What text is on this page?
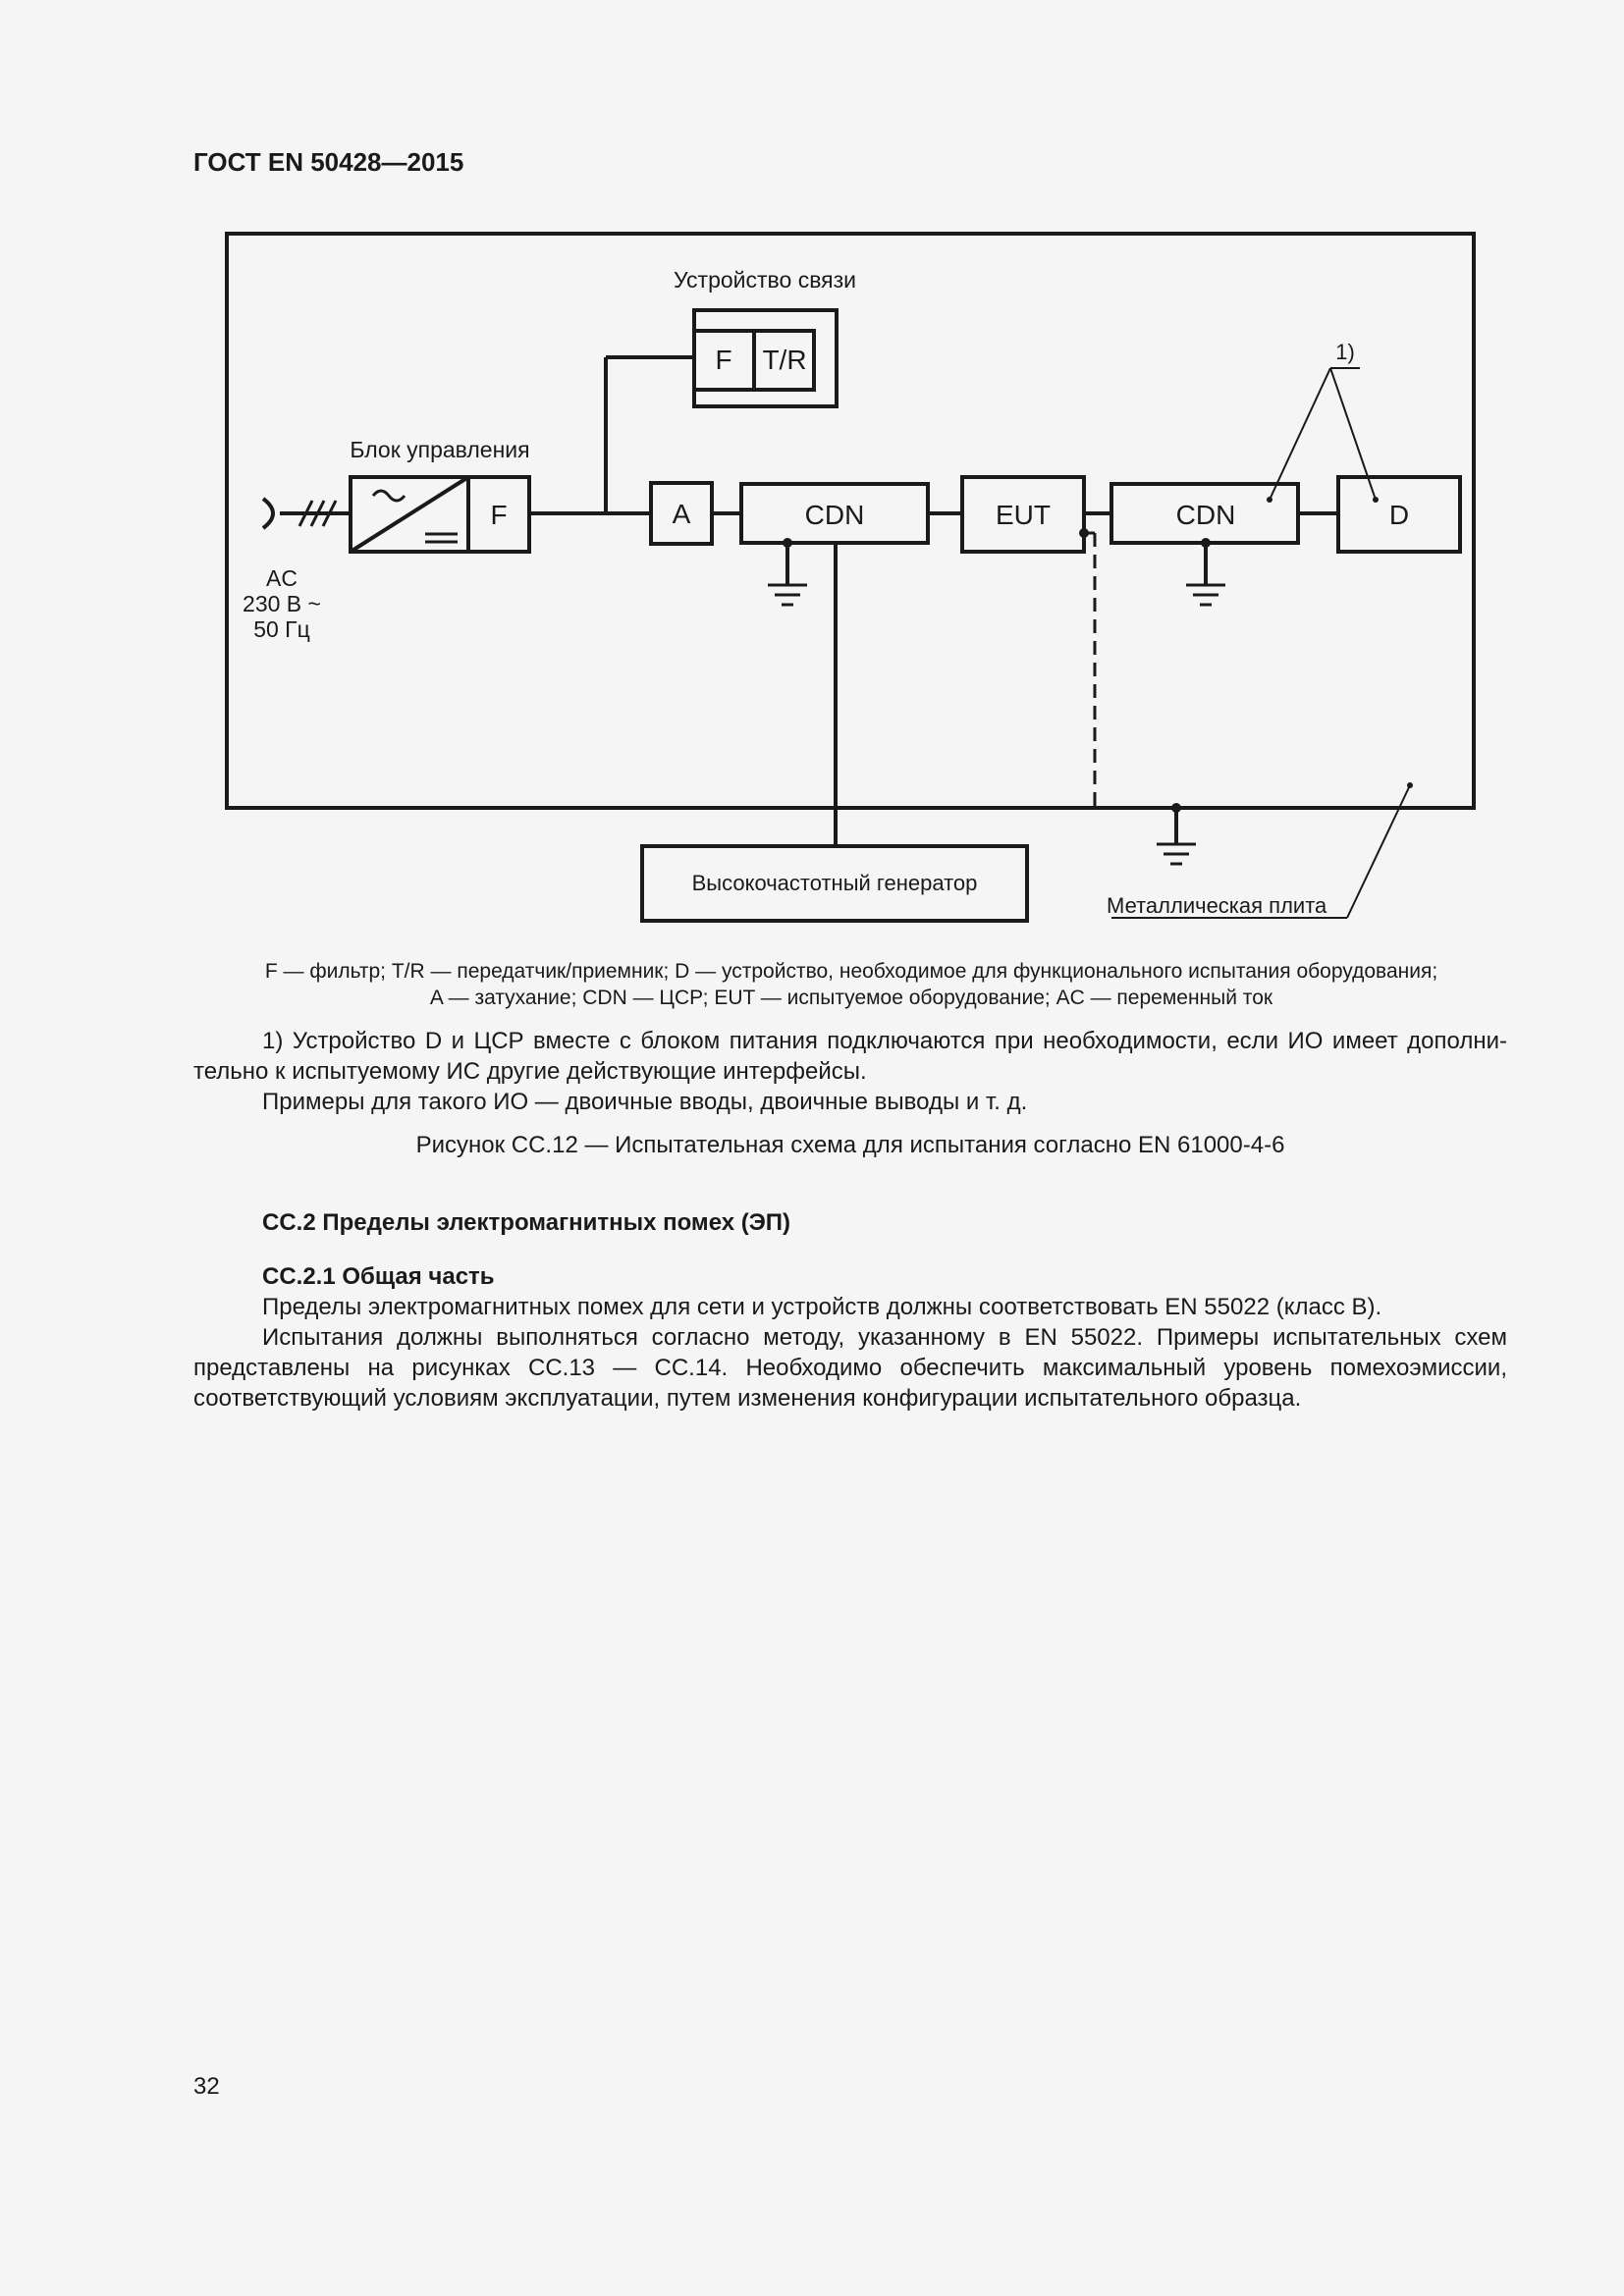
ГОСТ EN 50428—2015
Устройство связи
F T/R
Блок управления
F	A	CDN	EUT	CDN	D
1)
AC
230 В ~
50 Гц
Высокочастотный генератор
Металлическая плита
F — фильтр; T/R — передатчик/приемник; D — устройство, необходимое для функционального испытания оборудования;
A — затухание; CDN — ЦСР; EUT — испытуемое оборудование; AC — переменный ток
1) Устройство D и ЦСР вместе с блоком питания подключаются при необходимости, если ИО имеет дополни-тельно к испытуемому ИС другие действующие интерфейсы.
Примеры для такого ИО — двоичные вводы, двоичные выводы и т. д.
Рисунок СС.12 — Испытательная схема для испытания согласно EN 61000-4-6
СС.2 Пределы электромагнитных помех (ЭП)
СС.2.1 Общая часть
Пределы электромагнитных помех для сети и устройств должны соответствовать EN 55022 (класс В).
Испытания должны выполняться согласно методу, указанному в EN 55022. Примеры испытательных схем представлены на рисунках СС.13 — СС.14. Необходимо обеспечить максимальный уровень помехоэмиссии, соответствующий условиям эксплуатации, путем изменения конфигурации испытательного образца.
32
